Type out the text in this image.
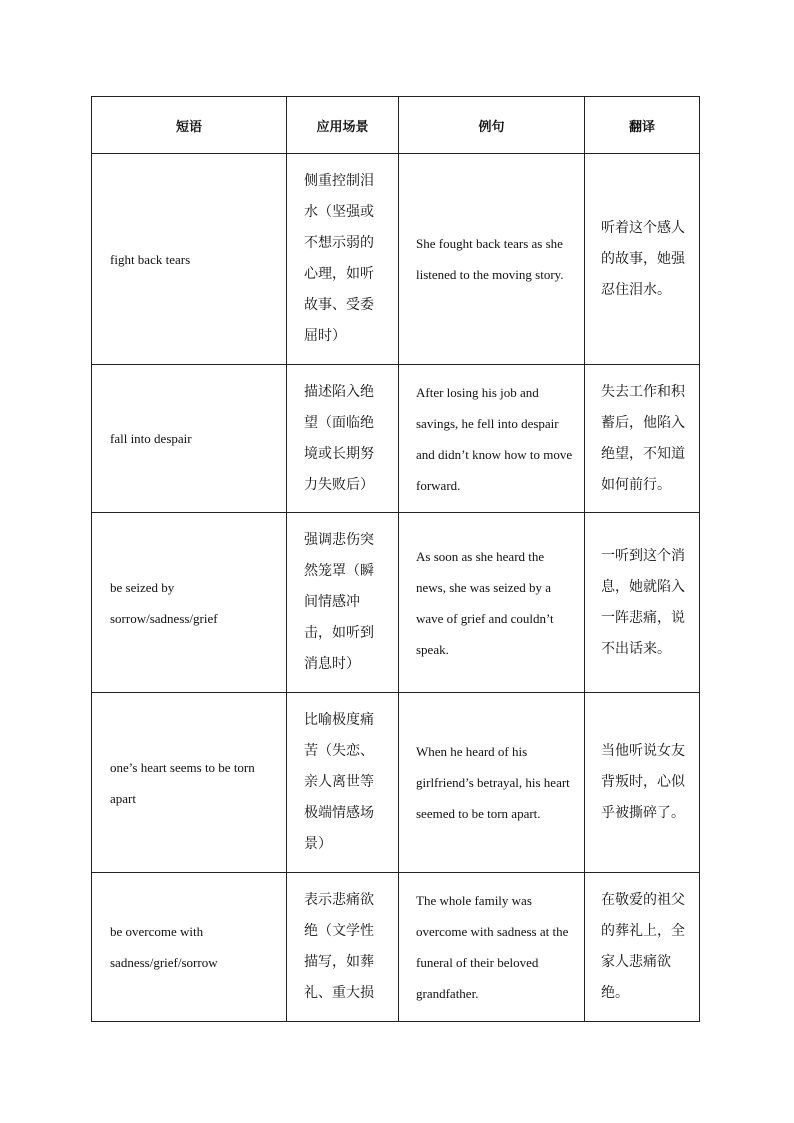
短语	应用场景	例句	翻译
fight back tears	侧重控制泪水（坚强或不想示弱的心理，如听故事、受委屈时）	She fought back tears as she listened to the moving story.	听着这个感人的故事，她强忍住泪水。
fall into despair	描述陷入绝望（面临绝境或长期努力失败后）	After losing his job and savings, he fell into despair and didn’t know how to move forward.	失去工作和积蓄后，他陷入绝望，不知道如何前行。
be seized by sorrow/sadness/grief	强调悲伤突然笼罩（瞬间情感冲击，如听到消息时）	As soon as she heard the news, she was seized by a wave of grief and couldn’t speak.	一听到这个消息，她就陷入一阵悲痛，说不出话来。
one’s heart seems to be torn apart	比喻极度痛苦（失恋、亲人离世等极端情感场景）	When he heard of his girlfriend’s betrayal, his heart seemed to be torn apart.	当他听说女友背叛时，心似乎被撕碎了。
be overcome with sadness/grief/sorrow	表示悲痛欲绝（文学性描写，如葬礼、重大损	The whole family was overcome with sadness at the funeral of their beloved grandfather.	在敬爱的祖父的葬礼上，全家人悲痛欲绝。
